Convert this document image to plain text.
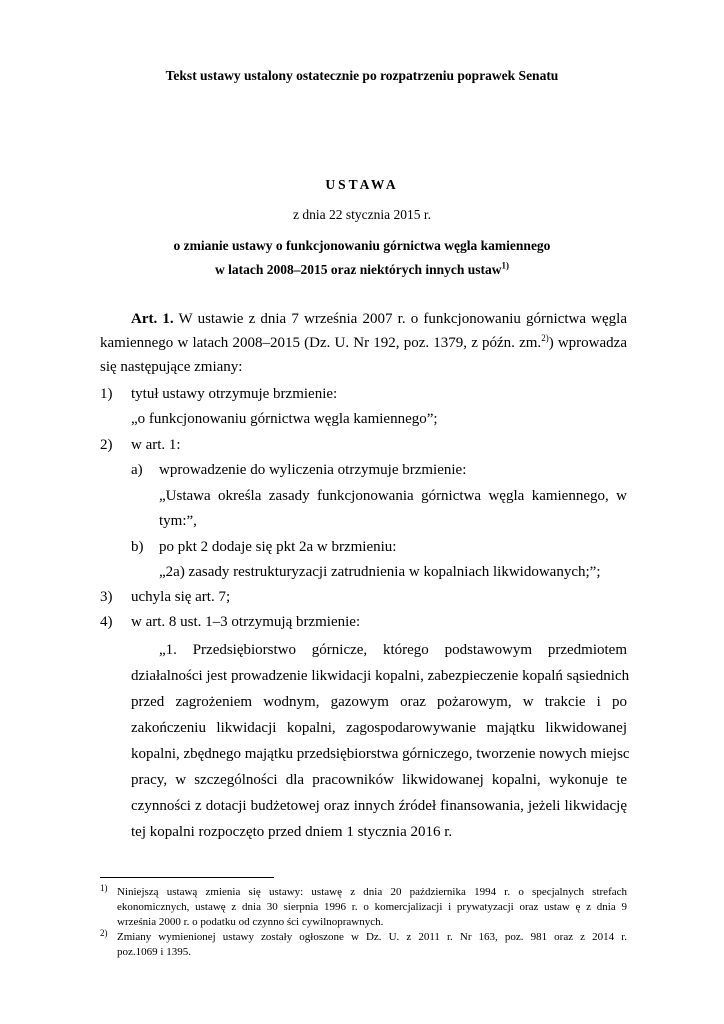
Tekst ustawy ustalony ostatecznie po rozpatrzeniu poprawek Senatu

USTAWA

z dnia 22 stycznia 2015 r.

o zmianie ustawy o funkcjonowaniu górnictwa węgla kamiennego

w latach 2008–2015 oraz niektórych innych ustaw$^{1)}$

Art. 1. W ustawie z dnia 7 września 2007 r. o funkcjonowaniu górnictwa węgla
kamiennego w latach 2008–2015 (Dz. U. Nr 192, poz. 1379, z późn. zm.$^{2)}$) wprowadza

się następujące zmiany:

1) tytuł ustawy otrzymuje brzmienie:

„o funkcjonowaniu górnictwa węgla kamiennego”;

2) w art. 1:

a) wprowadzenie do wyliczenia otrzymuje brzmienie:

„Ustawa określa zasady funkcjonowania górnictwa węgla kamiennego, w

tym:”,

b) po pkt 2 dodaje się pkt 2a w brzmieniu:

„2a) zasady restrukturyzacji zatrudnienia w kopalniach likwidowanych;”;

3) uchyla się art. 7;

4) w art. 8 ust. 1–3 otrzymują brzmienie:

„1. Przedsiębiorstwo górnicze, którego podstawowym przedmiotem
działalności jest prowadzenie likwidacji kopalni, zabezpieczenie kopalń sąsiednich
przed zagrożeniem wodnym, gazowym oraz pożarowym, w trakcie i po
zakończeniu likwidacji kopalni, zagospodarowywanie majątku likwidowanej
kopalni, zbędnego majątku przedsiębiorstwa górniczego, tworzenie nowych miejsc
pracy, w szczególności dla pracowników likwidowanej kopalni, wykonuje te
czynności z dotacji budżetowej oraz innych źródeł finansowania, jeżeli likwidację

tej kopalni rozpoczęto przed dniem 1 stycznia 2016 r.

1) Niniejszą ustawą zmienia się ustawy: ustawę z dnia 20 października 1994 r. o specjalnych strefach
ekonomicznych, ustawę z dnia 30 sierpnia 1996 r. o komercjalizacji i prywatyzacji oraz ustaw ę z dnia 9

września 2000 r. o podatku od czynno ści cywilnoprawnych.

2) Zmiany wymienionej ustawy zostały ogłoszone w Dz. U. z 2011 r. Nr 163, poz. 981 oraz z 2014 r.

poz.1069 i 1395.
